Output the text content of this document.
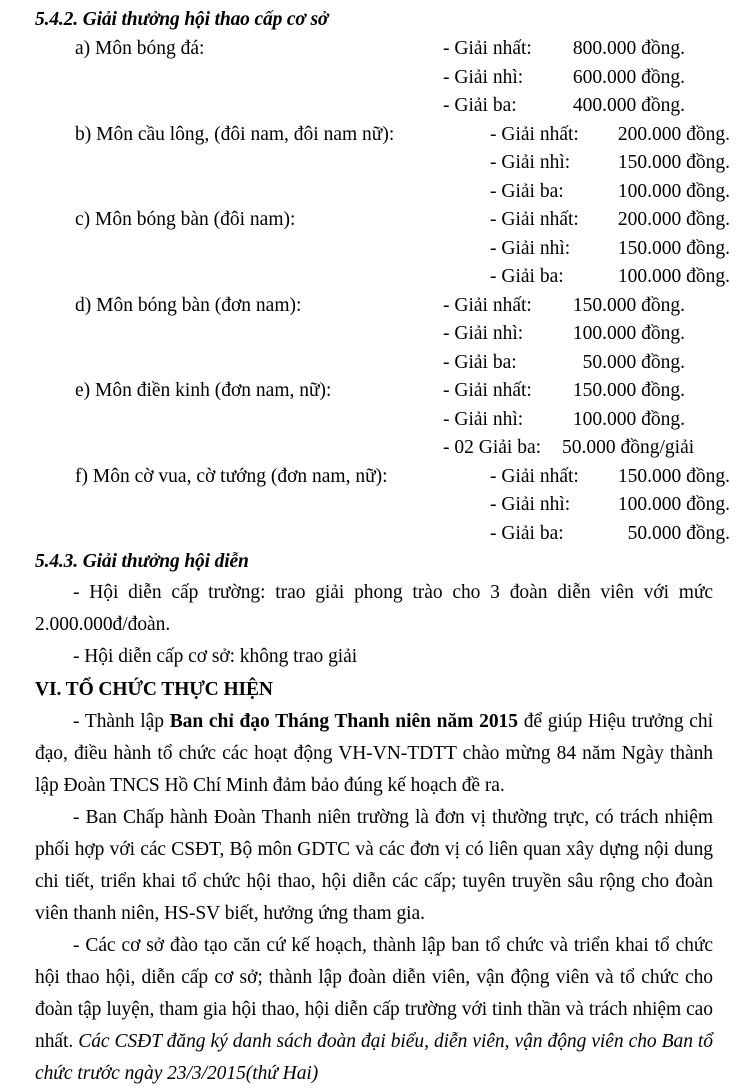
5.4.2. Giải thưởng hội thao cấp cơ sở
a) Môn bóng đá:	- Giải nhất:	800.000 đồng.
- Giải nhì:	600.000 đồng.
- Giải ba:	400.000 đồng.
b) Môn cầu lông, (đôi nam, đôi nam nữ):	- Giải nhất:	200.000 đồng.
- Giải nhì:	150.000 đồng.
- Giải ba:	100.000 đồng.
c) Môn bóng bàn (đôi nam):	- Giải nhất:	200.000 đồng.
- Giải nhì:	150.000 đồng.
- Giải ba:	100.000 đồng.
d) Môn bóng bàn (đơn nam):	- Giải nhất:	150.000 đồng.
- Giải nhì:	100.000 đồng.
- Giải ba:	50.000 đồng.
e) Môn điền kinh (đơn nam, nữ):	- Giải nhất:	150.000 đồng.
- Giải nhì:	100.000 đồng.
- 02 Giải ba: 50.000 đồng/giải
f) Môn cờ vua, cờ tướng (đơn nam, nữ):	- Giải nhất:	150.000 đồng.
- Giải nhì:	100.000 đồng.
- Giải ba:	50.000 đồng.
5.4.3. Giải thưởng hội diễn

- Hội diễn cấp trường: trao giải phong trào cho 3 đoàn diễn viên với mức 2.000.000đ/đoàn.

- Hội diễn cấp cơ sở: không trao giải

VI. TỔ CHỨC THỰC HIỆN

- Thành lập Ban chỉ đạo Tháng Thanh niên năm 2015 để giúp Hiệu trưởng chỉ đạo, điều hành tổ chức các hoạt động VH-VN-TDTT chào mừng 84 năm Ngày thành lập Đoàn TNCS Hồ Chí Minh đảm bảo đúng kế hoạch đề ra.

- Ban Chấp hành Đoàn Thanh niên trường là đơn vị thường trực, có trách nhiệm phối hợp với các CSĐT, Bộ môn GDTC và các đơn vị có liên quan xây dựng nội dung chi tiết, triển khai tổ chức hội thao, hội diễn các cấp; tuyên truyền sâu rộng cho đoàn viên thanh niên, HS-SV biết, hưởng ứng tham gia.

- Các cơ sở đào tạo căn cứ kế hoạch, thành lập ban tổ chức và triển khai tổ chức hội thao hội, diễn cấp cơ sở; thành lập đoàn diễn viên, vận động viên và tổ chức cho đoàn tập luyện, tham gia hội thao, hội diễn cấp trường với tinh thần và trách nhiệm cao nhất. Các CSĐT đăng ký danh sách đoàn đại biểu, diễn viên, vận động viên cho Ban tổ chức trước ngày 23/3/2015(thứ Hai)
